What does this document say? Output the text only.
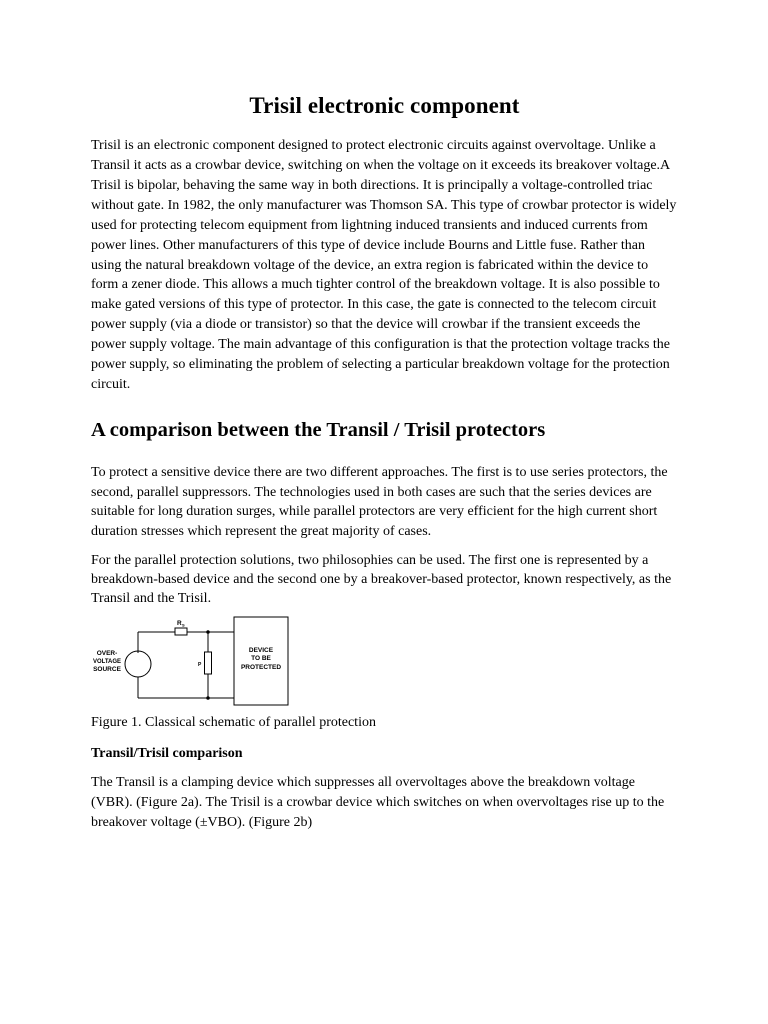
Trisil electronic component

Trisil is an electronic component designed to protect electronic circuits against overvoltage. Unlike a Transil it acts as a crowbar device, switching on when the voltage on it exceeds its breakover voltage.A Trisil is bipolar, behaving the same way in both directions. It is principally a voltage-controlled triac without gate. In 1982, the only manufacturer was Thomson SA. This type of crowbar protector is widely used for protecting telecom equipment from lightning induced transients and induced currents from power lines. Other manufacturers of this type of device include Bourns and Little fuse. Rather than using the natural breakdown voltage of the device, an extra region is fabricated within the device to form a zener diode. This allows a much tighter control of the breakdown voltage. It is also possible to make gated versions of this type of protector. In this case, the gate is connected to the telecom circuit power supply (via a diode or transistor) so that the device will crowbar if the transient exceeds the power supply voltage. The main advantage of this configuration is that the protection voltage tracks the power supply, so eliminating the problem of selecting a particular breakdown voltage for the protection circuit.

A comparison between the Transil / Trisil protectors

To protect a sensitive device there are two different approaches. The first is to use series protectors, the second, parallel suppressors. The technologies used in both cases are such that the series devices are suitable for long duration surges, while parallel protectors are very efficient for the high current short duration stresses which represent the great majority of cases.

For the parallel protection solutions, two philosophies can be used. The first one is represented by a breakdown-based device and the second one by a breakover-based protector, known respectively, as the Transil and the Trisil.

R S
OVER-
VOLTAGE
SOURCE
P
DEVICE
TO BE
PROTECTED

Figure 1. Classical schematic of parallel protection

Transil/Trisil comparison

The Transil is a clamping device which suppresses all overvoltages above the breakdown voltage (VBR). (Figure 2a). The Trisil is a crowbar device which switches on when overvoltages rise up to the breakover voltage (±VBO). (Figure 2b)
